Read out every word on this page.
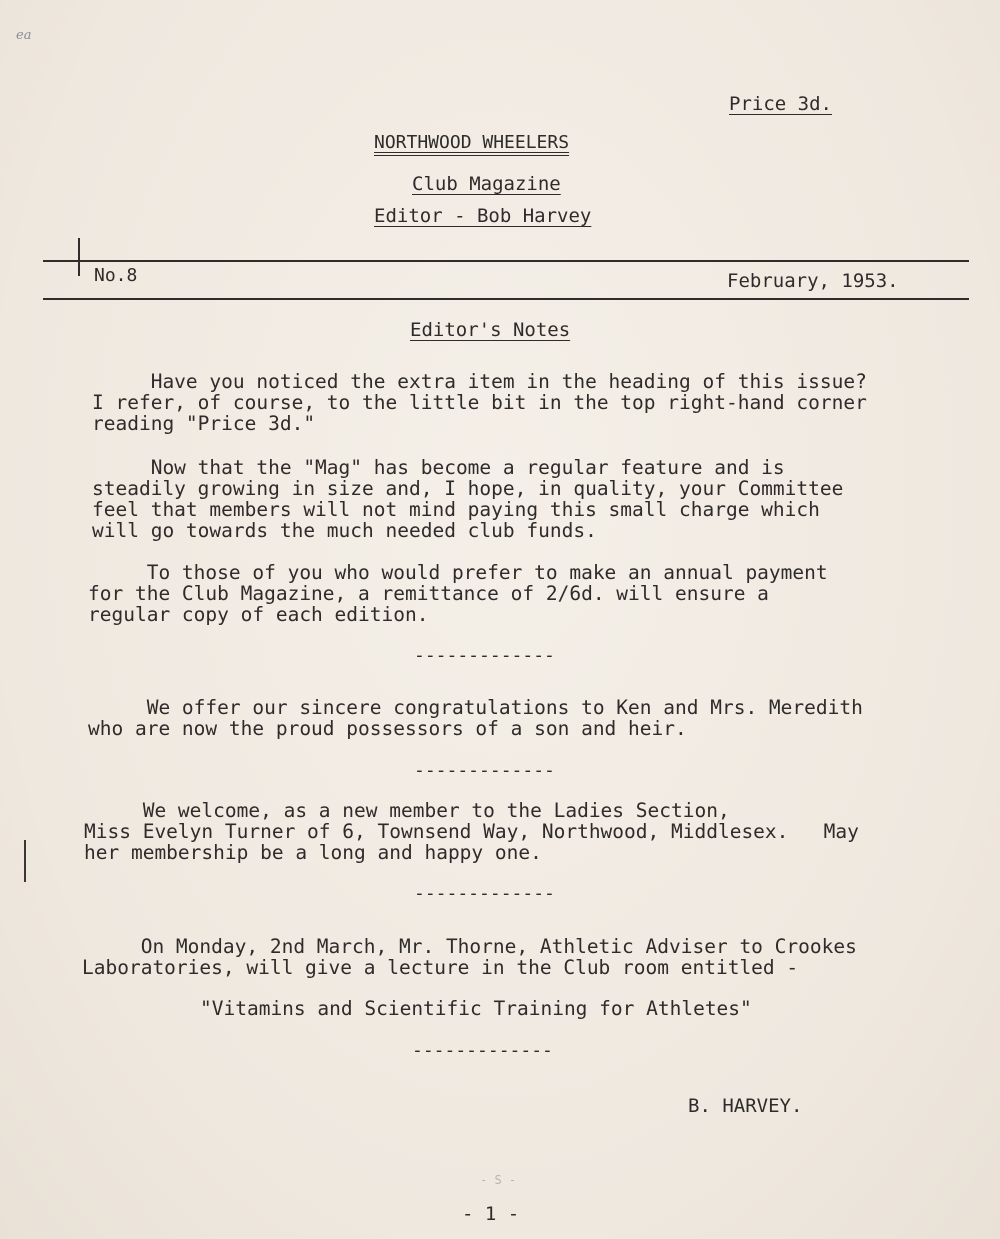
ea
Price 3d.
NORTHWOOD WHEELERS
Club Magazine
Editor - Bob Harvey
No.8	February, 1953.
Editor's Notes
Have you noticed the extra item in the heading of this issue?
I refer, of course, to the little bit in the top right-hand corner
reading "Price 3d."
Now that the "Mag" has become a regular feature and is
steadily growing in size and, I hope, in quality, your Committee
feel that members will not mind paying this small charge which
will go towards the much needed club funds.
To those of you who would prefer to make an annual payment
for the Club Magazine, a remittance of 2/6d. will ensure a
regular copy of each edition.
-------------
We offer our sincere congratulations to Ken and Mrs. Meredith
who are now the proud possessors of a son and heir.
-------------
We welcome, as a new member to the Ladies Section,
Miss Evelyn Turner of 6, Townsend Way, Northwood, Middlesex.   May
her membership be a long and happy one.
-------------
On Monday, 2nd March, Mr. Thorne, Athletic Adviser to Crookes
Laboratories, will give a lecture in the Club room entitled -
"Vitamins and Scientific Training for Athletes"
-------------
B. HARVEY.
- S -
- 1 -
